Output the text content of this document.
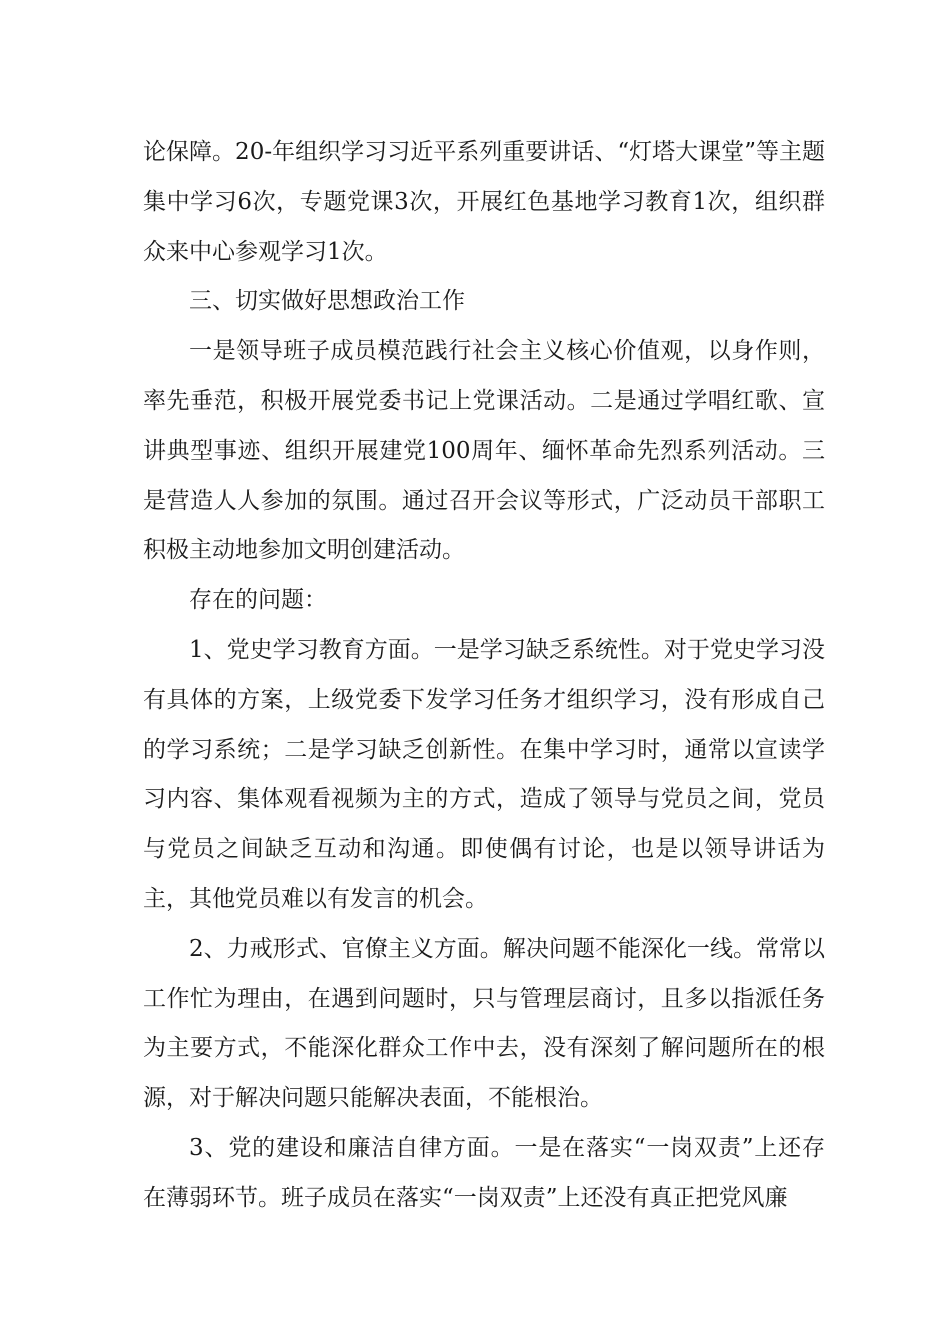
论保障。20-年组织学习习近平系列重要讲话、“灯塔大课堂”等主题集中学习6次，专题党课3次，开展红色基地学习教育1次，组织群众来中心参观学习1次。

三、切实做好思想政治工作

一是领导班子成员模范践行社会主义核心价值观，以身作则，率先垂范，积极开展党委书记上党课活动。二是通过学唱红歌、宣讲典型事迹、组织开展建党100周年、缅怀革命先烈系列活动。三是营造人人参加的氛围。通过召开会议等形式，广泛动员干部职工积极主动地参加文明创建活动。

存在的问题：

1、党史学习教育方面。一是学习缺乏系统性。对于党史学习没有具体的方案，上级党委下发学习任务才组织学习，没有形成自己的学习系统；二是学习缺乏创新性。在集中学习时，通常以宣读学习内容、集体观看视频为主的方式，造成了领导与党员之间，党员与党员之间缺乏互动和沟通。即使偶有讨论，也是以领导讲话为主，其他党员难以有发言的机会。

2、力戒形式、官僚主义方面。解决问题不能深化一线。常常以工作忙为理由，在遇到问题时，只与管理层商讨，且多以指派任务为主要方式，不能深化群众工作中去，没有深刻了解问题所在的根源，对于解决问题只能解决表面，不能根治。

3、党的建设和廉洁自律方面。一是在落实“一岗双责”上还存在薄弱环节。班子成员在落实“一岗双责”上还没有真正把党风廉
